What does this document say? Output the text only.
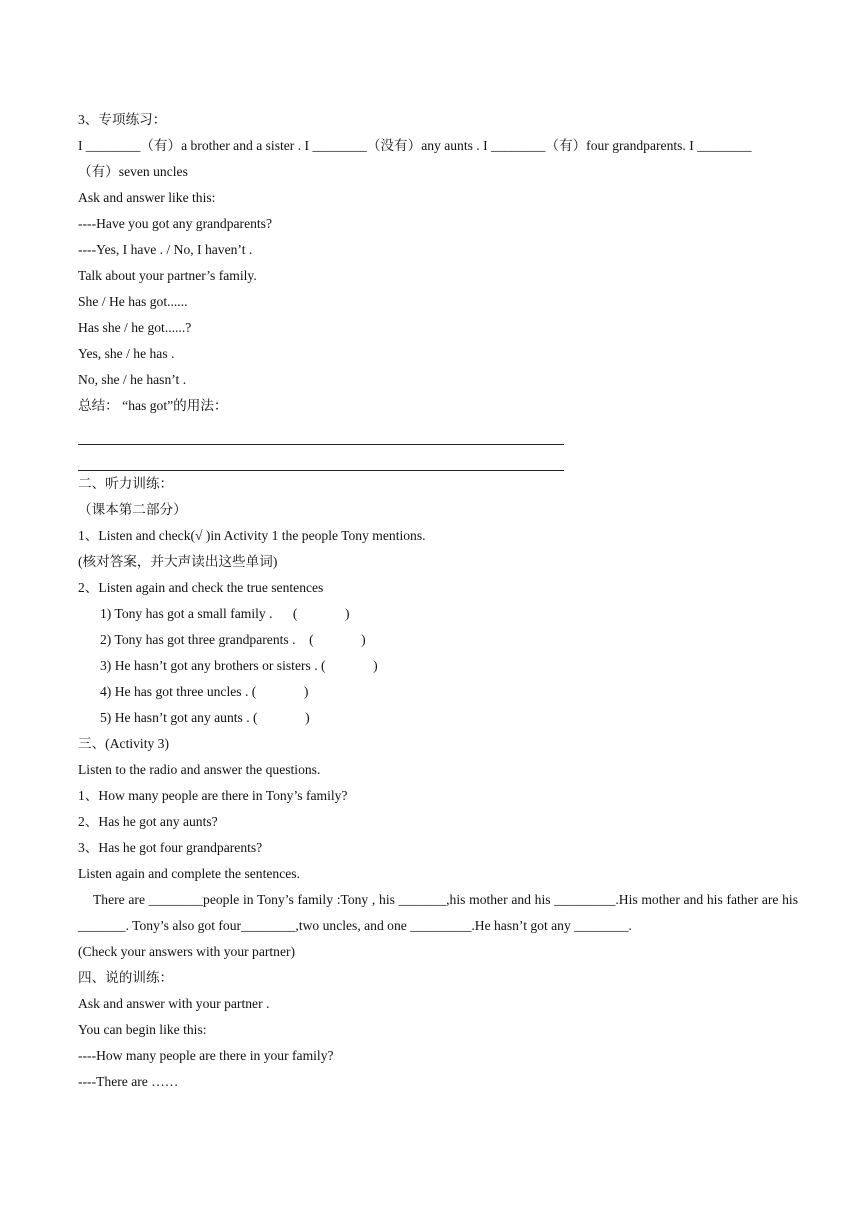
3、专项练习：
I ________（有）a brother and a sister . I ________（没有）any aunts . I ________（有）four grandparents. I ________
（有）seven uncles
Ask and answer like this:
----Have you got any grandparents?
----Yes, I have . / No, I haven’t .
Talk about your partner’s family.
She / He has got......
Has she / he got......?
Yes, she / he has .
No, she / he hasn’t .
总结： “has got”的用法：
二、听力训练：
（课本第二部分）
1、Listen and check(√ )in Activity 1 the people Tony mentions.
(核对答案，并大声读出这些单词)
2、Listen again and check the true sentences
1) Tony has got a small family .      (              )
2) Tony has got three grandparents .    (              )
3) He hasn’t got any brothers or sisters . (              )
4) He has got three uncles . (              )
5) He hasn’t got any aunts . (              )
三、(Activity 3)
Listen to the radio and answer the questions.
1、How many people are there in Tony’s family?
2、Has he got any aunts?
3、Has he got four grandparents?
Listen again and complete the sentences.
There are ________people in Tony’s family :Tony , his _______,his mother and his _________.His mother and his father are his _______. Tony’s also got four________,two uncles, and one _________.He hasn’t got any ________.
(Check your answers with your partner)
四、说的训练：
Ask and answer with your partner .
You can begin like this:
----How many people are there in your family?
----There are ……
